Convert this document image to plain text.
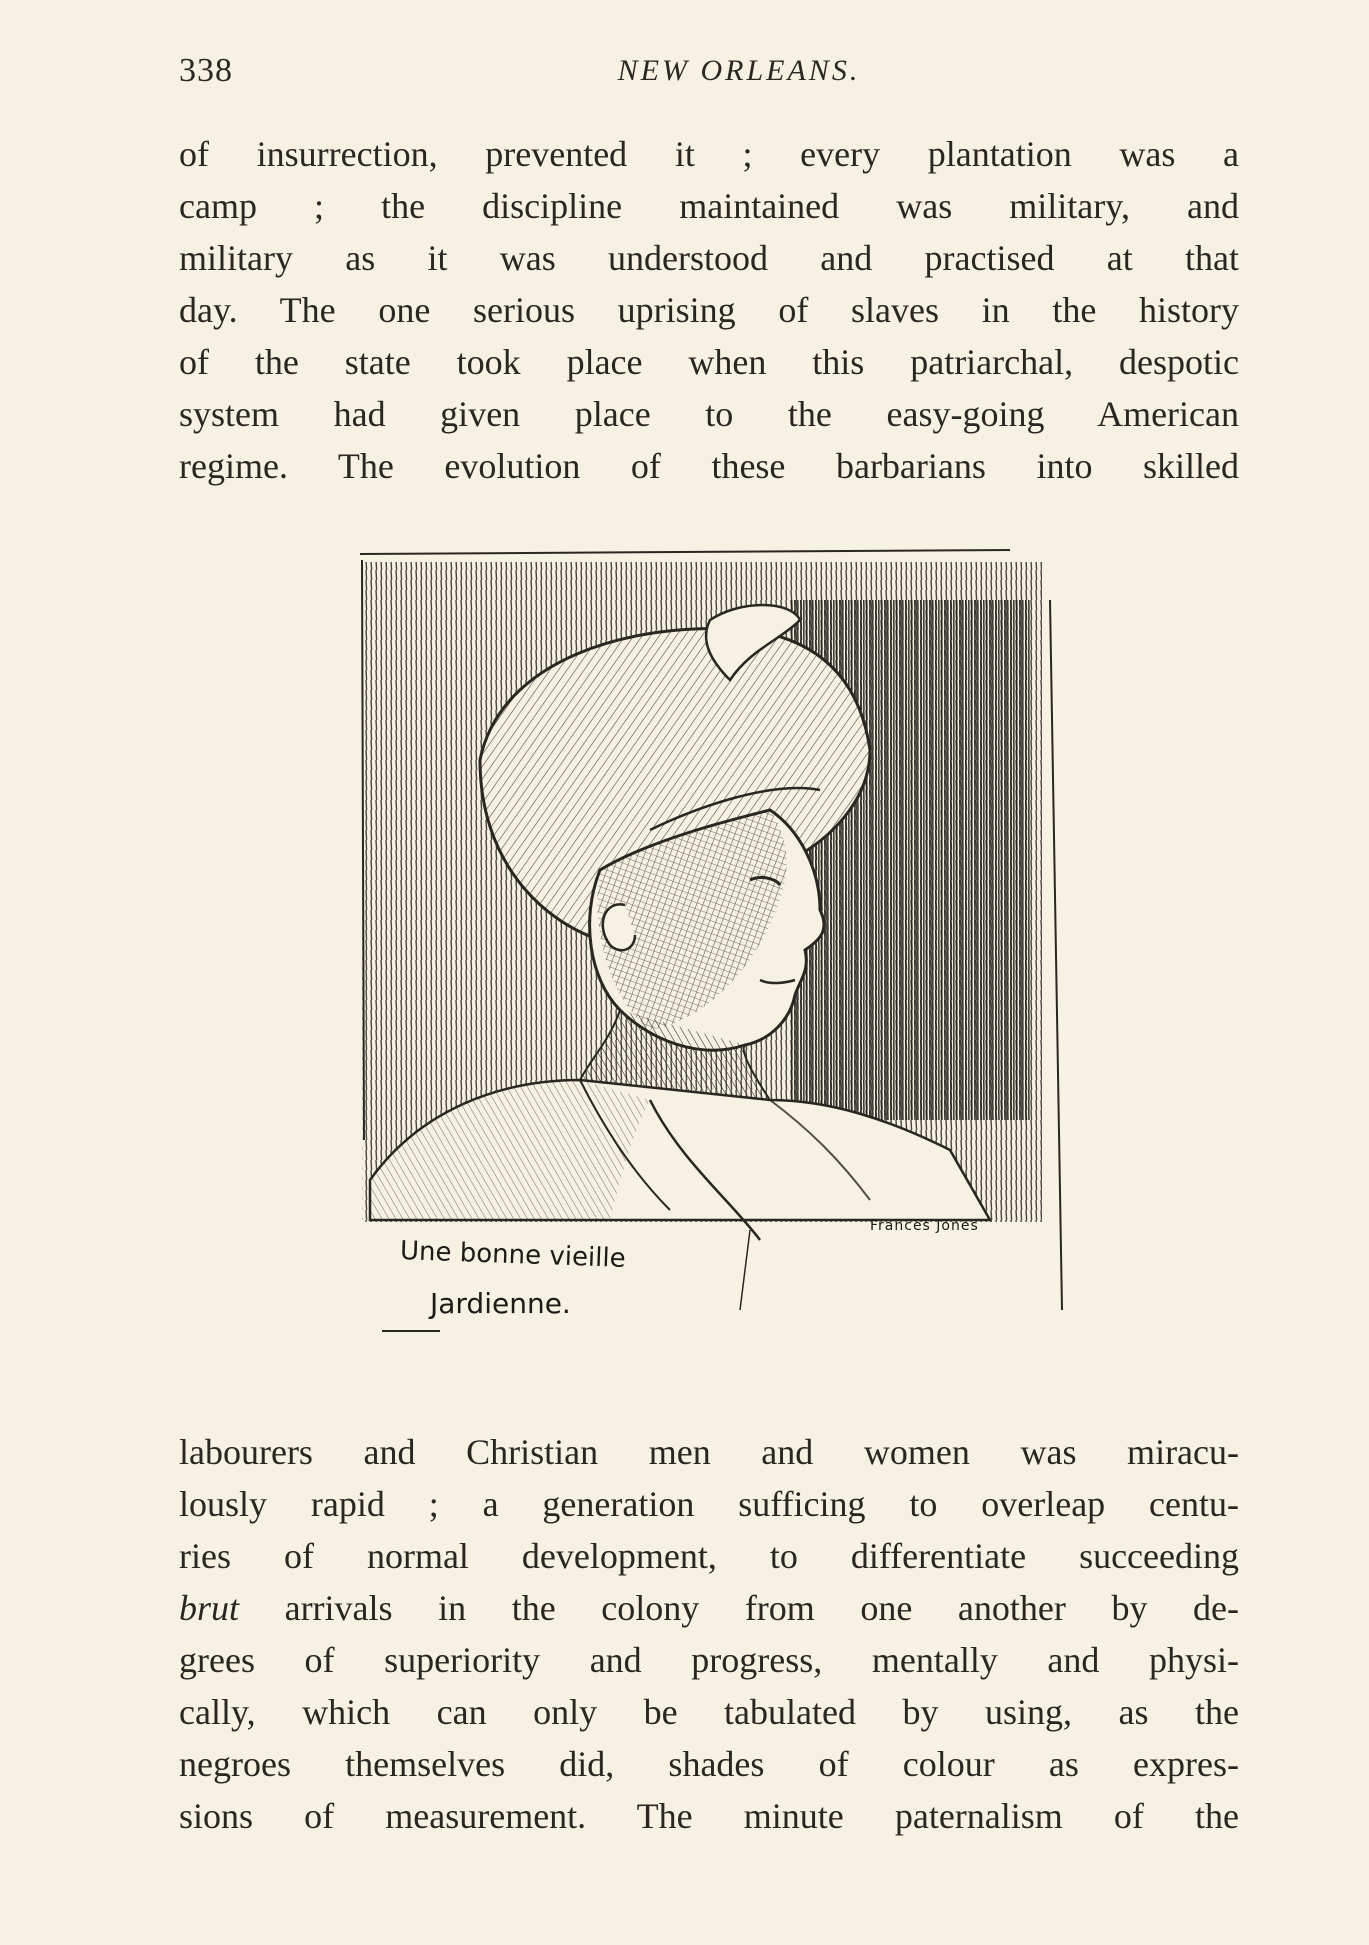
338	NEW ORLEANS.
of insurrection, prevented it ; every plantation was a
camp ; the discipline maintained was military, and
military as it was understood and practised at that
day. The one serious uprising of slaves in the history
of the state took place when this patriarchal, despotic
system had given place to the easy-going American
regime. The evolution of these barbarians into skilled
Une bonne vieille
Jardienne.
Frances Jones
labourers and Christian men and women was miracu-
lously rapid ; a generation sufficing to overleap centu-
ries of normal development, to differentiate succeeding
brut arrivals in the colony from one another by de-
grees of superiority and progress, mentally and physi-
cally, which can only be tabulated by using, as the
negroes themselves did, shades of colour as expres-
sions of measurement. The minute paternalism of the
